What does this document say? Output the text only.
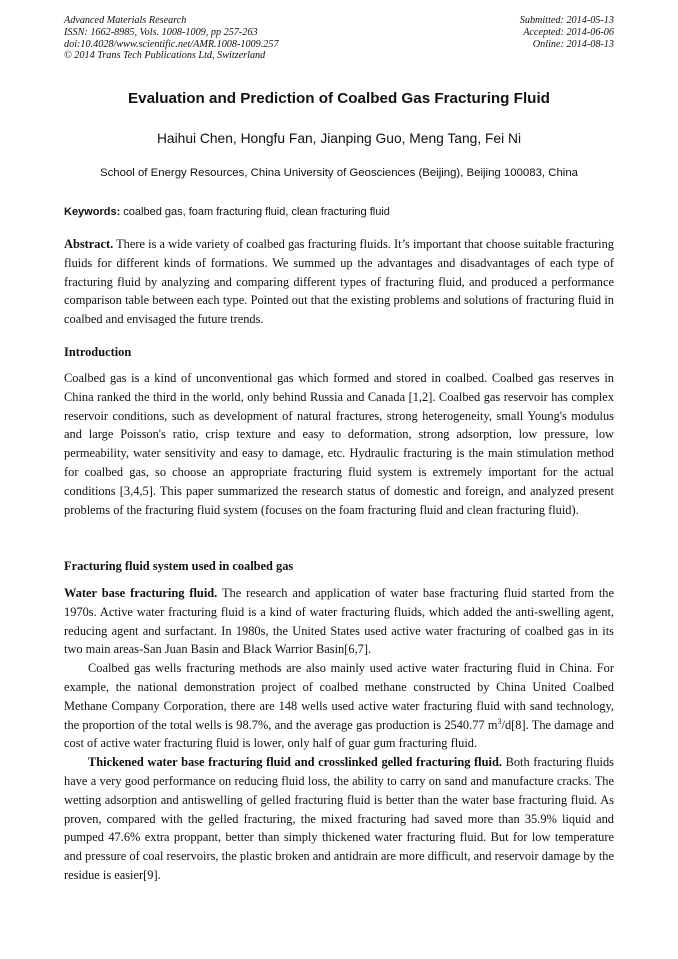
Advanced Materials Research
ISSN: 1662-8985, Vols. 1008-1009, pp 257-263
doi:10.4028/www.scientific.net/AMR.1008-1009.257
© 2014 Trans Tech Publications Ltd, Switzerland
Submitted: 2014-05-13
Accepted: 2014-06-06
Online: 2014-08-13
Evaluation and Prediction of Coalbed Gas Fracturing Fluid
Haihui Chen, Hongfu Fan, Jianping Guo, Meng Tang, Fei Ni
School of Energy Resources, China University of Geosciences (Beijing), Beijing 100083, China
Keywords: coalbed gas, foam fracturing fluid, clean fracturing fluid

Abstract. There is a wide variety of coalbed gas fracturing fluids. It’s important that choose suitable fracturing fluids for different kinds of formations. We summed up the advantages and disadvantages of each type of fracturing fluid by analyzing and comparing different types of fracturing fluid, and produced a performance comparison table between each type. Pointed out that the existing problems and solutions of fracturing fluid in coalbed and envisaged the future trends.

Introduction

Coalbed gas is a kind of unconventional gas which formed and stored in coalbed. Coalbed gas reserves in China ranked the third in the world, only behind Russia and Canada [1,2]. Coalbed gas reservoir has complex reservoir conditions, such as development of natural fractures, strong heterogeneity, small Young's modulus and large Poisson's ratio, crisp texture and easy to deformation, strong adsorption, low pressure, low permeability, water sensitivity and easy to damage, etc. Hydraulic fracturing is the main stimulation method for coalbed gas, so choose an appropriate fracturing fluid system is extremely important for the actual conditions [3,4,5]. This paper summarized the research status of domestic and foreign, and analyzed present problems of the fracturing fluid system (focuses on the foam fracturing fluid and clean fracturing fluid).

Fracturing fluid system used in coalbed gas

Water base fracturing fluid. The research and application of water base fracturing fluid started from the 1970s. Active water fracturing fluid is a kind of water fracturing fluids, which added the anti-swelling agent, reducing agent and surfactant. In 1980s, the United States used active water fracturing of coalbed gas in its two main areas-San Juan Basin and Black Warrior Basin[6,7].

Coalbed gas wells fracturing methods are also mainly used active water fracturing fluid in China. For example, the national demonstration project of coalbed methane constructed by China United Coalbed Methane Company Corporation, there are 148 wells used active water fracturing fluid with sand technology, the proportion of the total wells is 98.7%, and the average gas production is 2540.77 $m^3/d[8]$. The damage and cost of active water fracturing fluid is lower, only half of guar gum fracturing fluid.

Thickened water base fracturing fluid and crosslinked gelled fracturing fluid. Both fracturing fluids have a very good performance on reducing fluid loss, the ability to carry on sand and manufacture cracks. The wetting adsorption and antiswelling of gelled fracturing fluid is better than the water base fracturing fluid. As proven, compared with the gelled fracturing, the mixed fracturing had saved more than 35.9% liquid and pumped 47.6% extra proppant, better than simply thickened water fracturing fluid. But for low temperature and pressure of coal reservoirs, the plastic broken and antidrain are more difficult, and reservoir damage by the residue is easier[9].
